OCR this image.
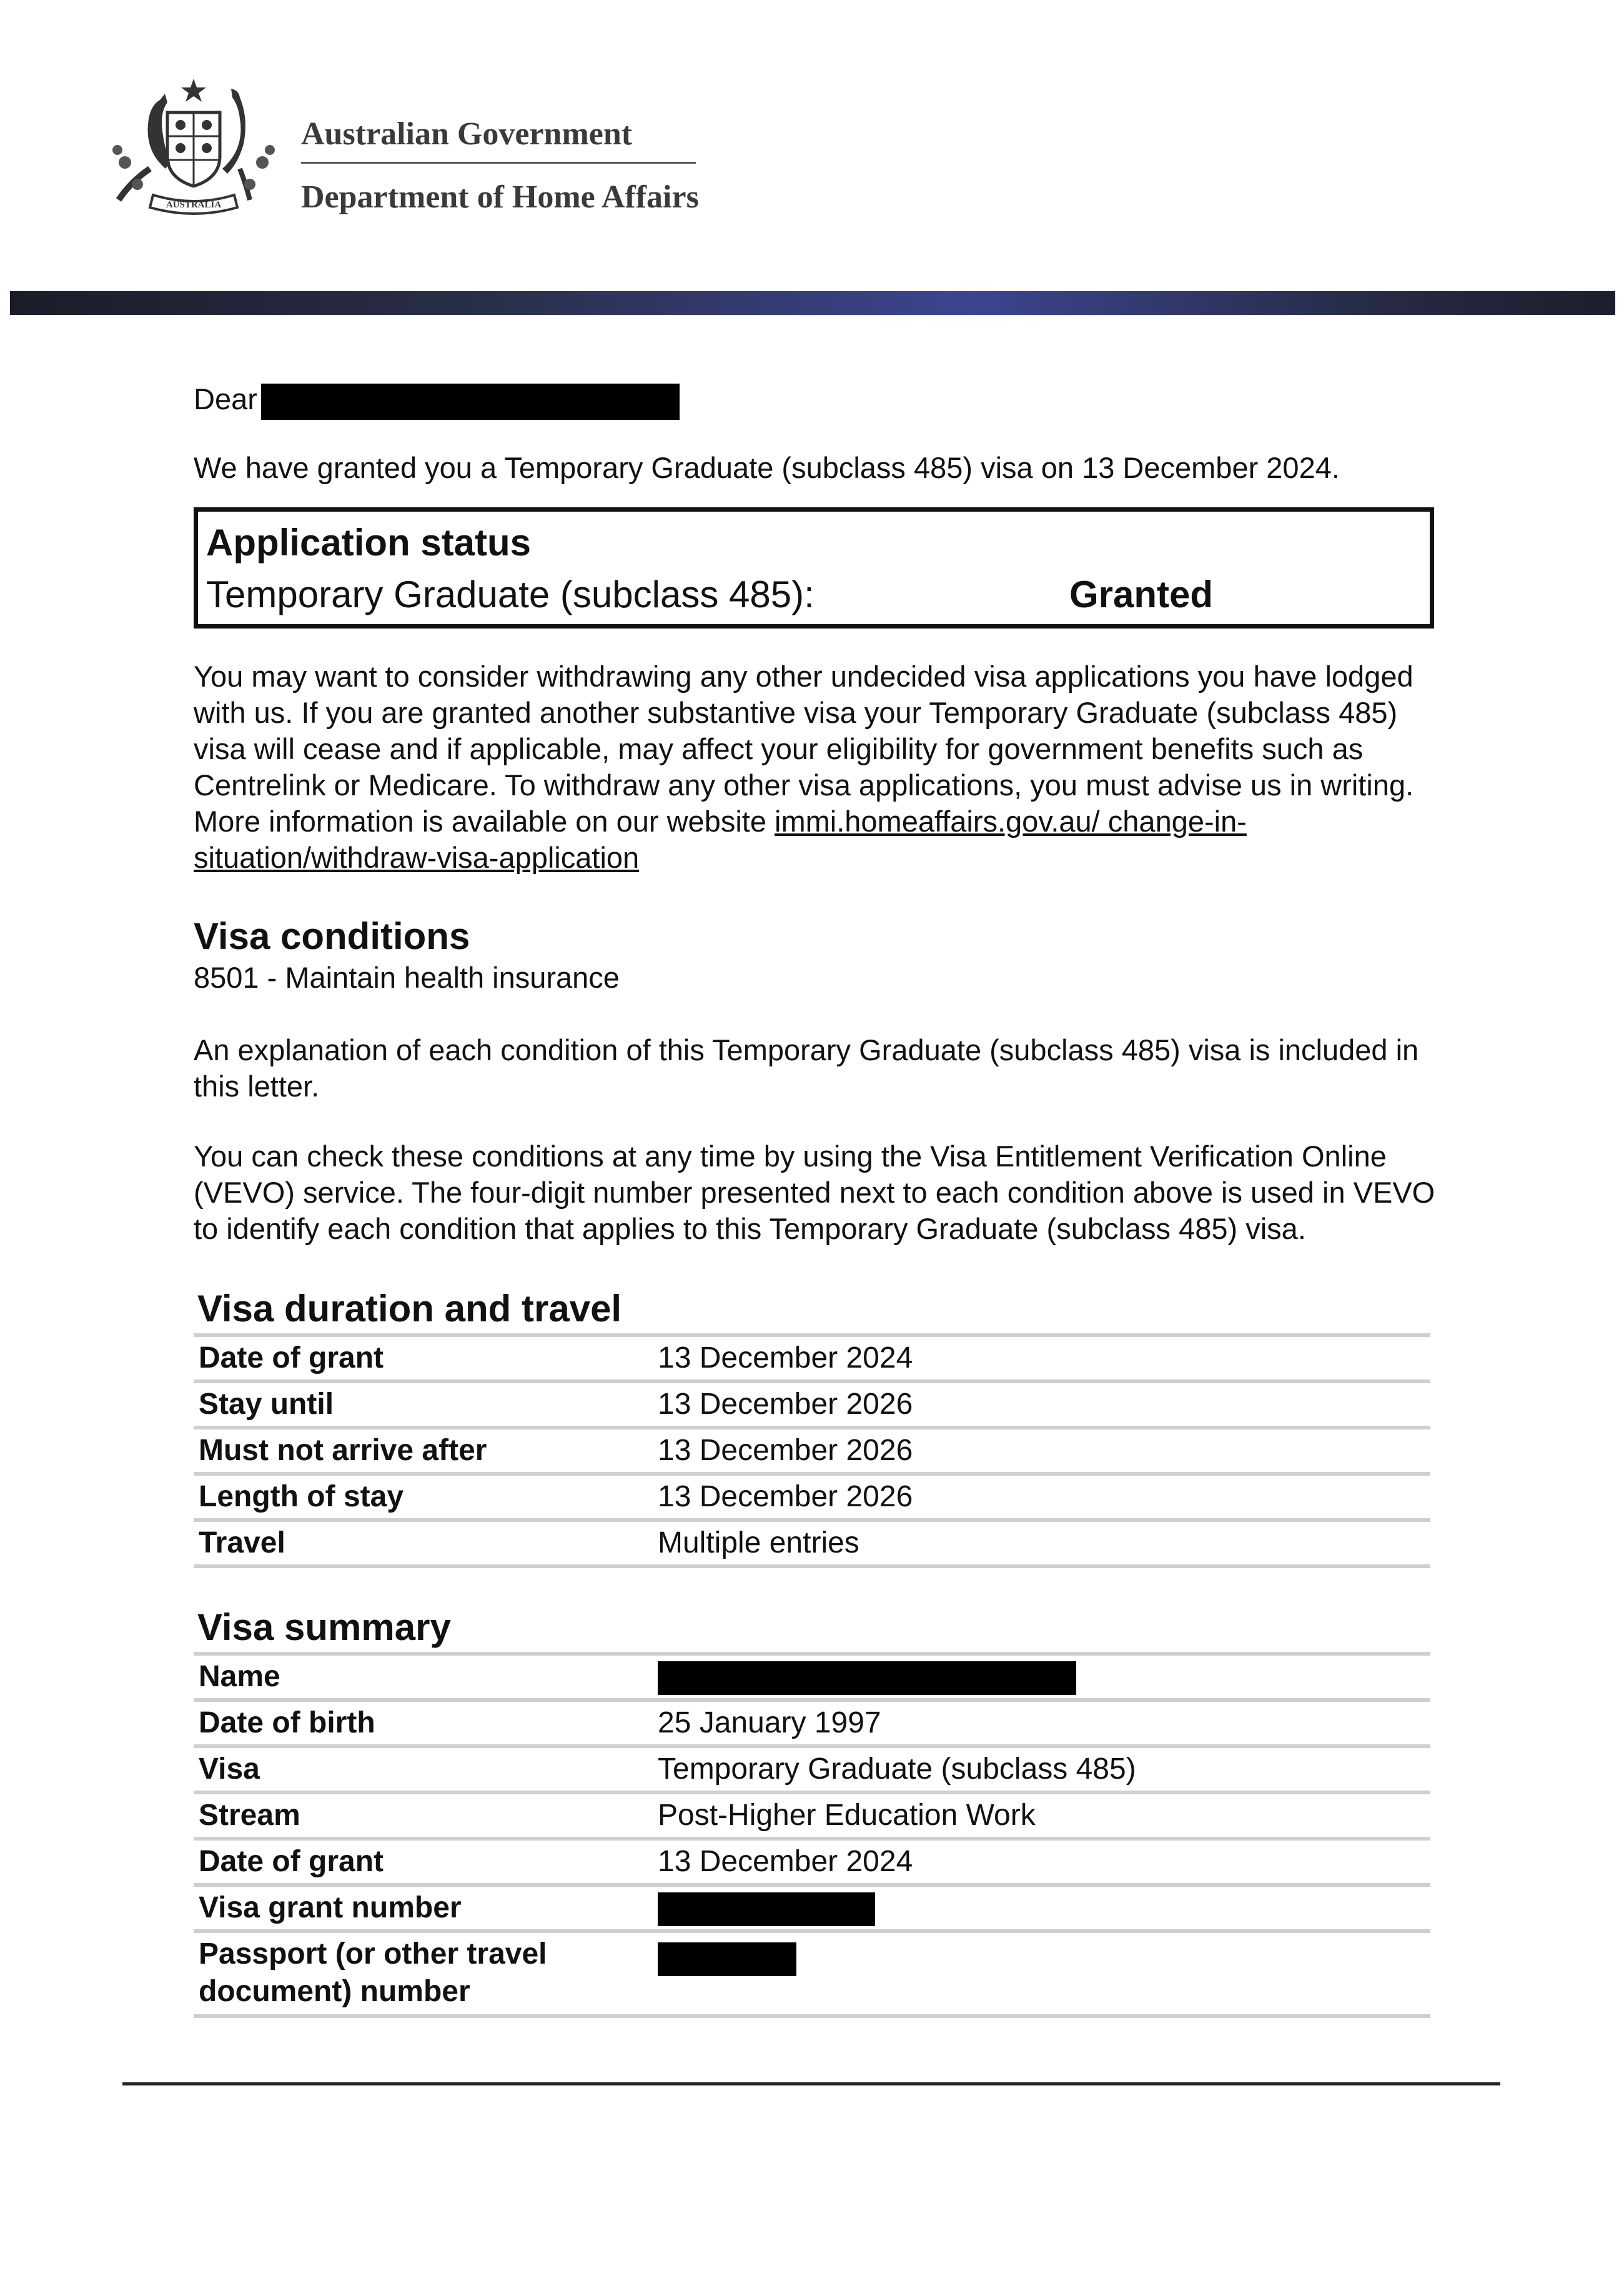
AUSTRALIA
Australian Government
Department of Home Affairs

Dear

We have granted you a Temporary Graduate (subclass 485) visa on 13 December 2024.

Application status
Temporary Graduate (subclass 485):	Granted

You may want to consider withdrawing any other undecided visa applications you have lodged with us. If you are granted another substantive visa your Temporary Graduate (subclass 485) visa will cease and if applicable, may affect your eligibility for government benefits such as Centrelink or Medicare. To withdraw any other visa applications, you must advise us in writing. More information is available on our website immi.homeaffairs.gov.au/ change-in-situation/withdraw-visa-application

Visa conditions

8501 - Maintain health insurance

An explanation of each condition of this Temporary Graduate (subclass 485) visa is included in this letter.

You can check these conditions at any time by using the Visa Entitlement Verification Online (VEVO) service. The four-digit number presented next to each condition above is used in VEVO to identify each condition that applies to this Temporary Graduate (subclass 485) visa.

Visa duration and travel
Date of grant	13 December 2024
Stay until	13 December 2026
Must not arrive after	13 December 2026
Length of stay	13 December 2026
Travel	Multiple entries
Visa summary
Name	
Date of birth	25 January 1997
Visa	Temporary Graduate (subclass 485)
Stream	Post-Higher Education Work
Date of grant	13 December 2024
Visa grant number	
Passport (or other travel document) number	
